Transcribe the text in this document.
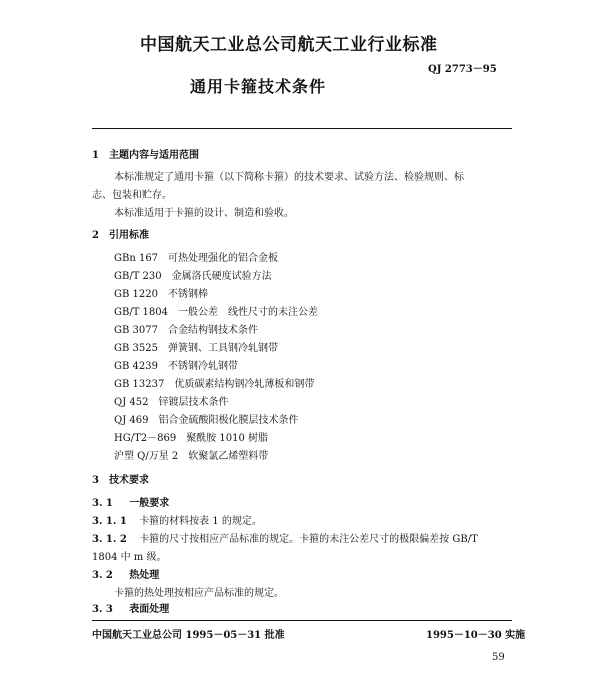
中国航天工业总公司航天工业行业标准
QJ 2773－95
通用卡箍技术条件
1　主题内容与适用范围
本标准规定了通用卡箍（以下简称卡箍）的技术要求、试验方法、检验规则、标
志、包装和贮存。
本标准适用于卡箍的设计、制造和验收。
2　引用标准
GBn 167　可热处理强化的铝合金板
GB/T 230　金属洛氏硬度试验方法
GB 1220　不锈钢棒
GB/T 1804　一般公差　线性尺寸的未注公差
GB 3077　合金结构钢技术条件
GB 3525　弹簧钢、工具钢冷轧钢带
GB 4239　不锈钢冷轧钢带
GB 13237　优质碳素结构钢冷轧薄板和钢带
QJ 452　锌镀层技术条件
QJ 469　铝合金硫酸阳极化膜层技术条件
HG/T2－869　聚酰胺 1010 树脂
沪塑 Q/万星 2　软聚氯乙烯塑料带
3　技术要求
3. 1 一般要求
3. 1. 1 卡箍的材料按表 1 的规定。
3. 1. 2 卡箍的尺寸按相应产品标准的规定。卡箍的未注公差尺寸的极限偏差按 GB/T
1804 中 m 级。
3. 2 热处理
卡箍的热处理按相应产品标准的规定。
3. 3 表面处理
中国航天工业总公司 1995－05－31 批准	1995－10－30 实施
59
